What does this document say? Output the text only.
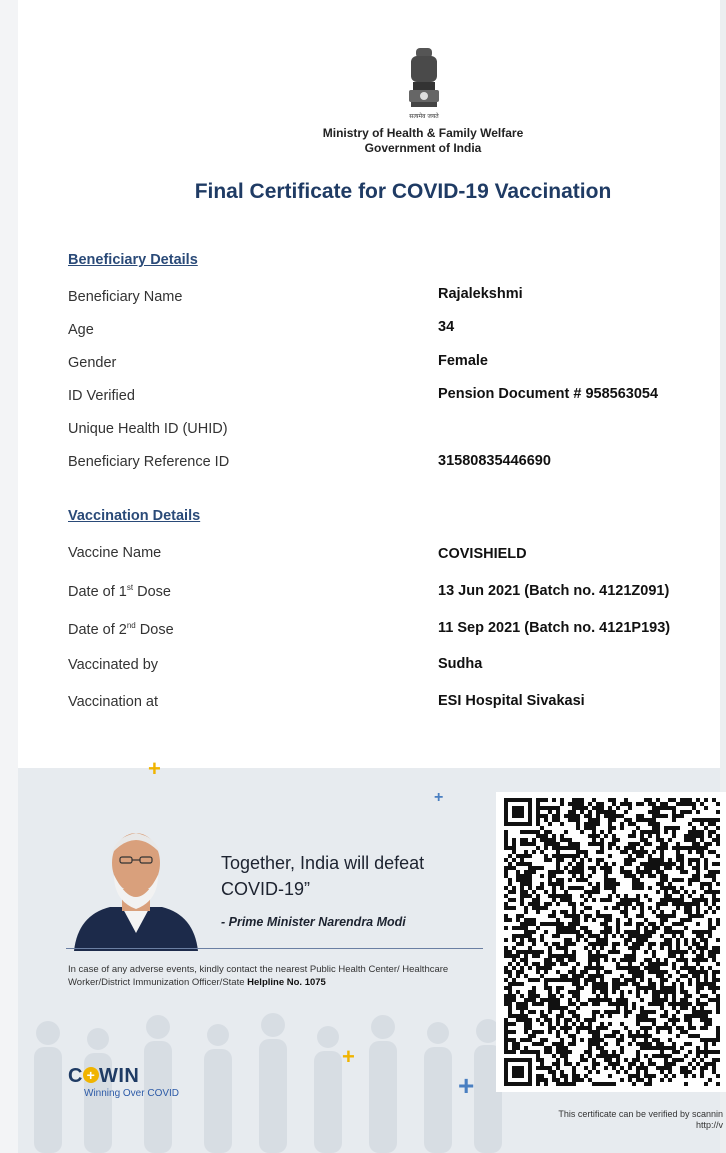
सत्यमेव जयते
Ministry of Health & Family Welfare
Government of India
Final Certificate for COVID-19 Vaccination
Beneficiary Details
Beneficiary Name	Rajalekshmi
Age	34
Gender	Female
ID Verified	Pension Document # 958563054
Unique Health ID (UHID)
Beneficiary Reference ID	31580835446690
Vaccination Details
Vaccine Name	COVISHIELD
Date of 1st Dose	13 Jun 2021 (Batch no. 4121Z091)
Date of 2nd Dose	11 Sep 2021 (Batch no. 4121P193)
Vaccinated by	Sudha
Vaccination at	ESI Hospital Sivakasi
+
+
+
+
Together, India will defeat COVID-19”
- Prime Minister Narendra Modi
In case of any adverse events, kindly contact the nearest Public Health Center/ Healthcare Worker/District Immunization Officer/State Helpline No. 1075
C + WIN
Winning Over COVID
This certificate can be verified by scannin
http://v
